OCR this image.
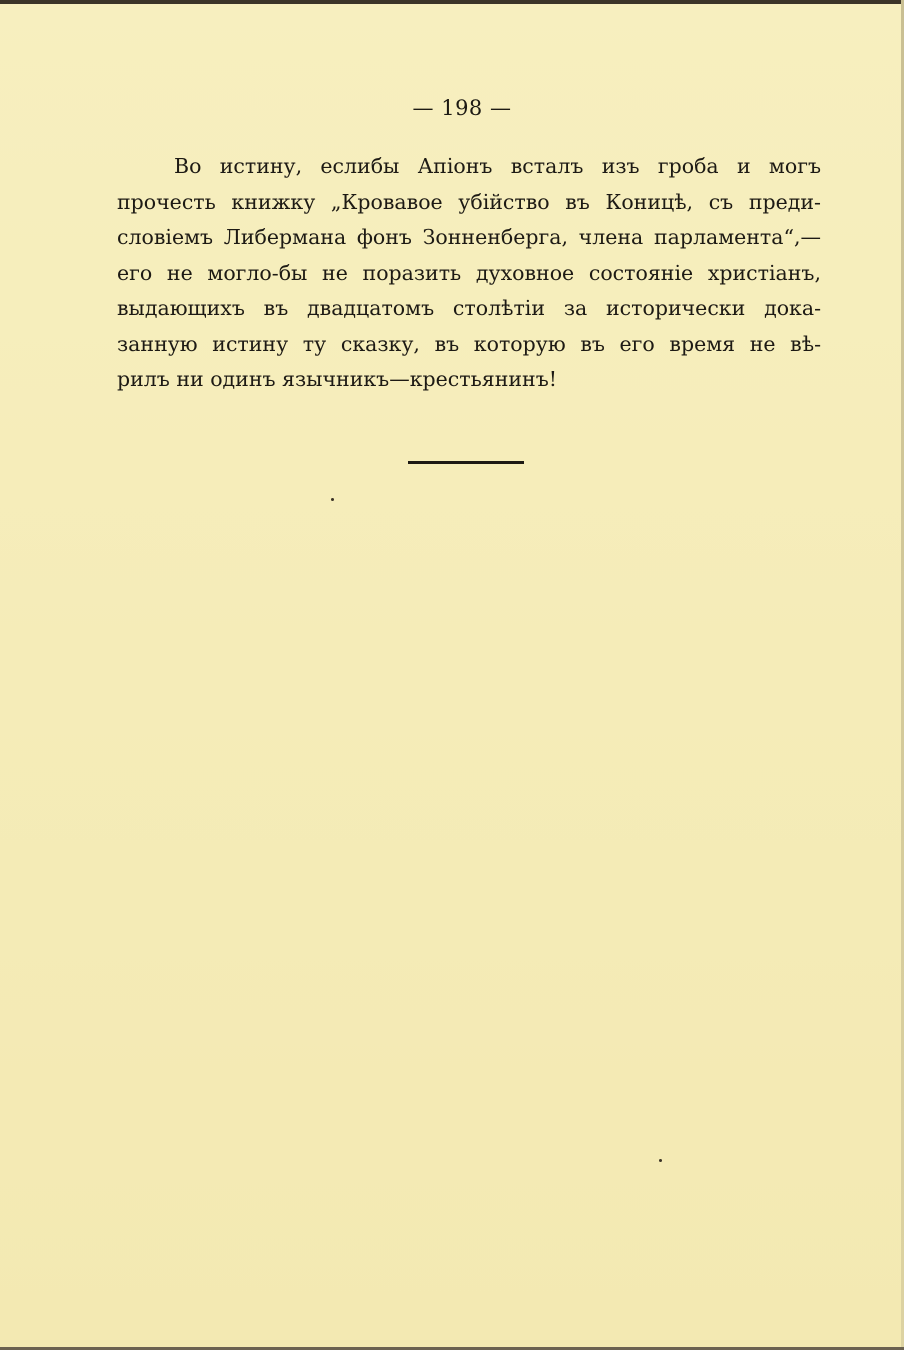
— 198 —
Во истину, еслибы Апiонъ всталъ изъ гроба и могъ
прочесть книжку „Кровавое убiйство въ Коницѣ, съ преди-
словiемъ Либермана фонъ Зонненберга, члена парламента“,—
его не могло-бы не поразить духовное состоянiе христiанъ,
выдающихъ въ двадцатомъ столѣтiи за исторически дока-
занную истину ту сказку, въ которую въ его время не вѣ-
рилъ ни одинъ язычникъ—крестьянинъ!
